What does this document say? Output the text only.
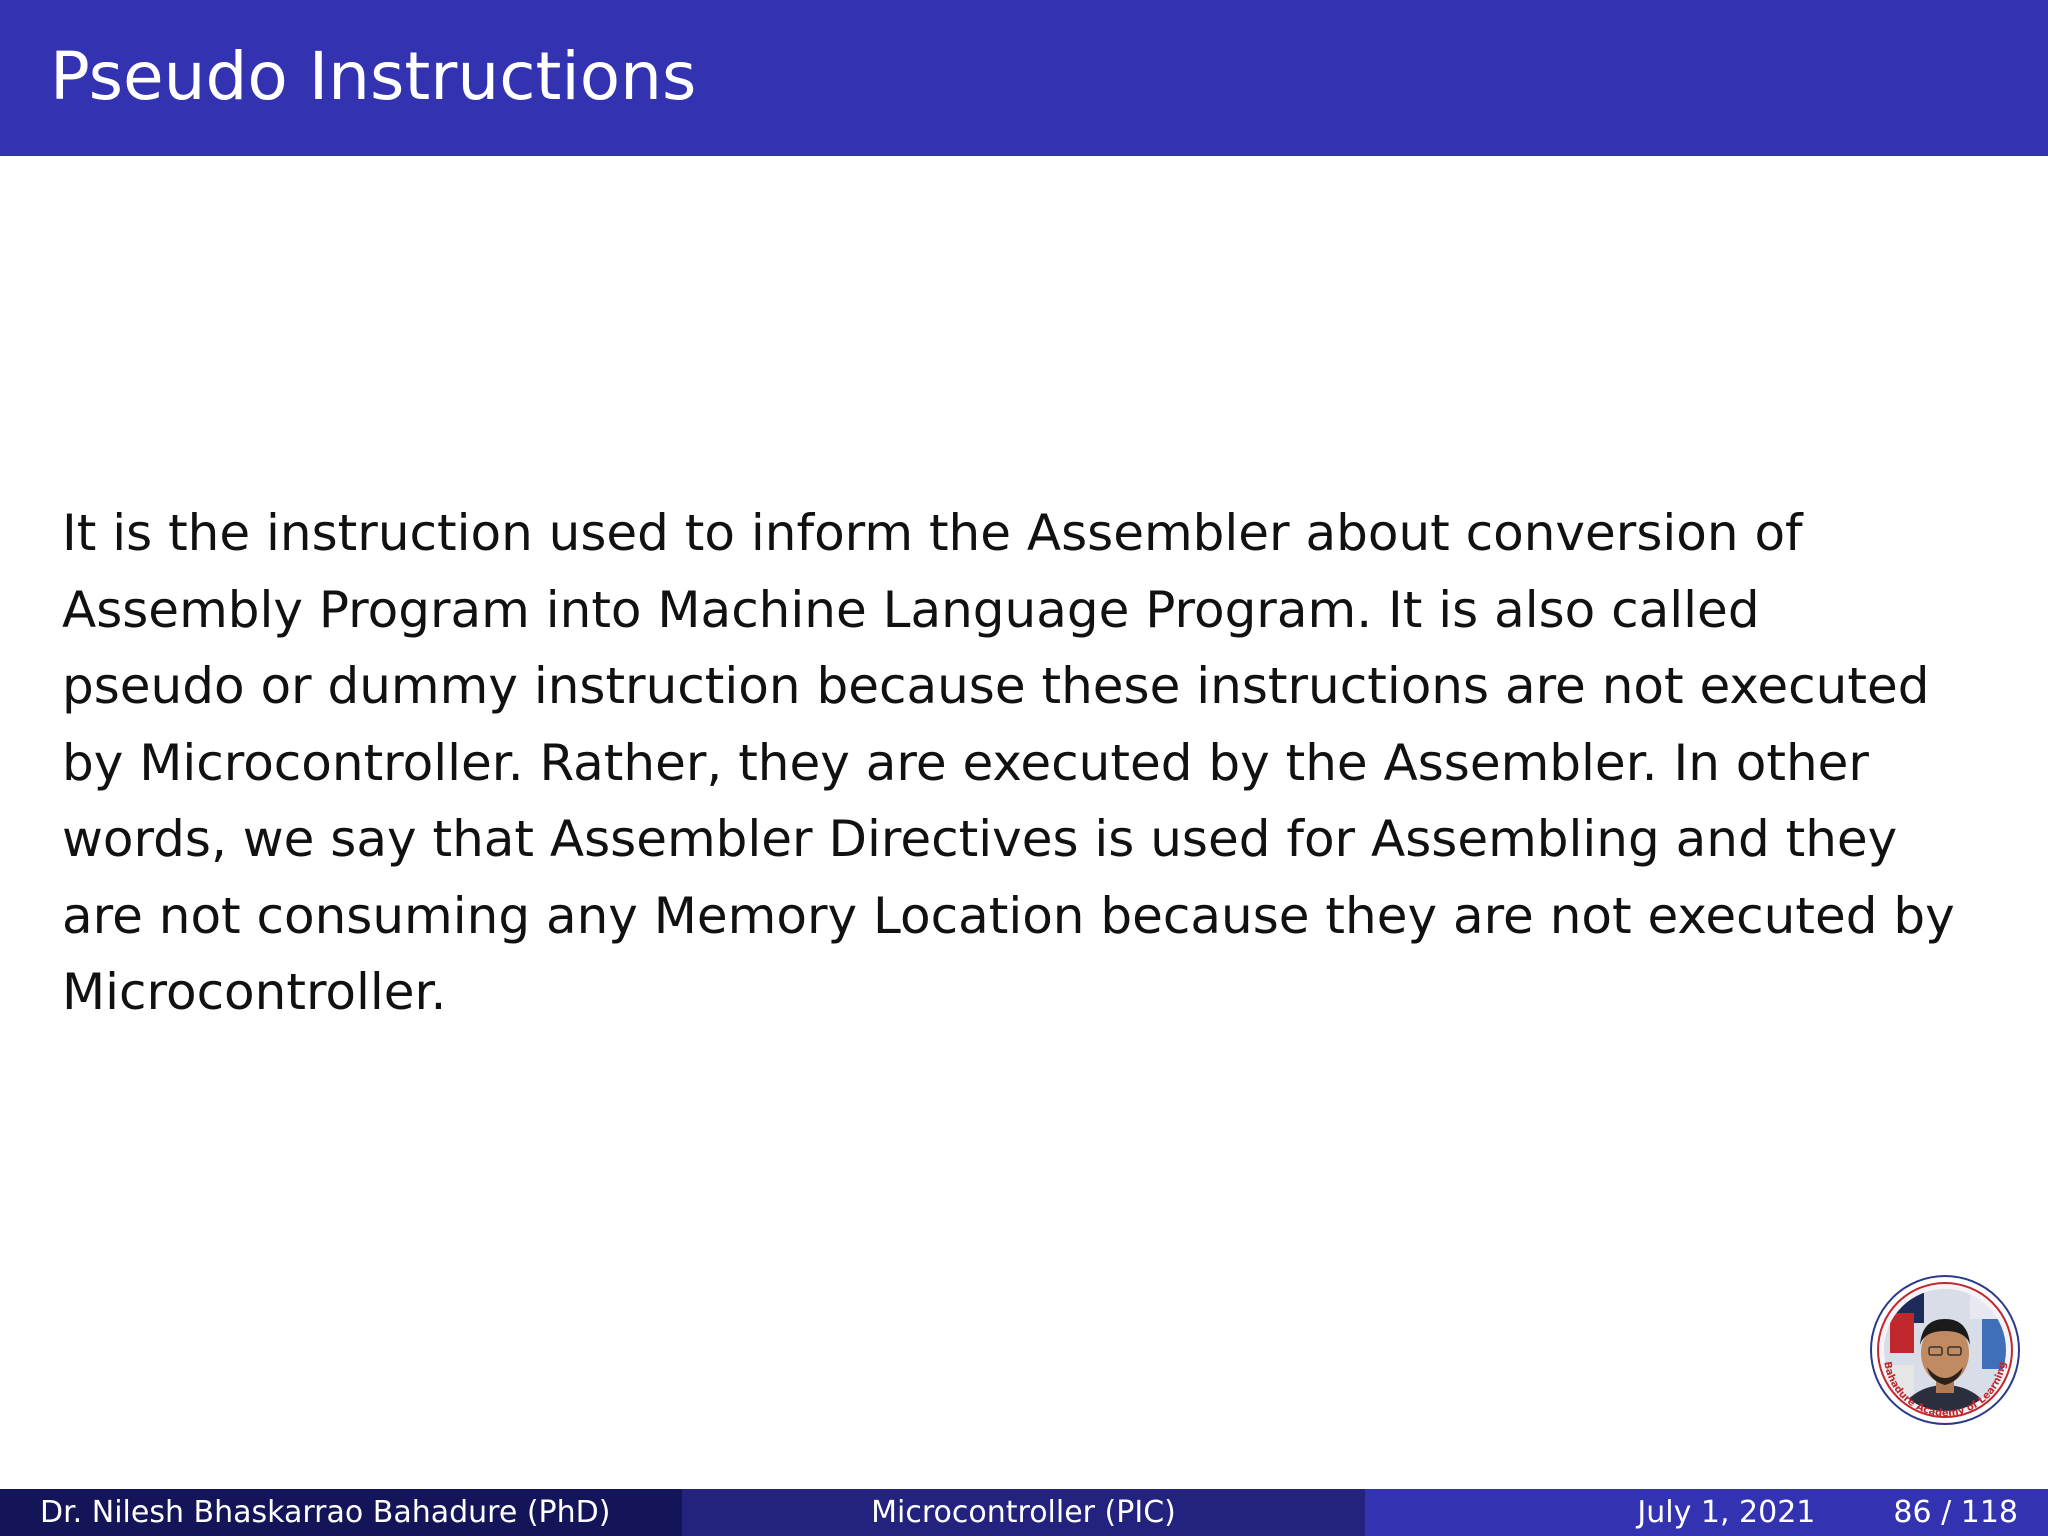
Pseudo Instructions
It is the instruction used to inform the Assembler about conversion of
Assembly Program into Machine Language Program. It is also called
pseudo or dummy instruction because these instructions are not executed
by Microcontroller. Rather, they are executed by the Assembler. In other
words, we say that Assembler Directives is used for Assembling and they
are not consuming any Memory Location because they are not executed by
Microcontroller.
Bahadure Academy of Learning
Dr. Nilesh Bhaskarrao Bahadure (PhD)	Microcontroller (PIC)	July 1, 2021	86 / 118
